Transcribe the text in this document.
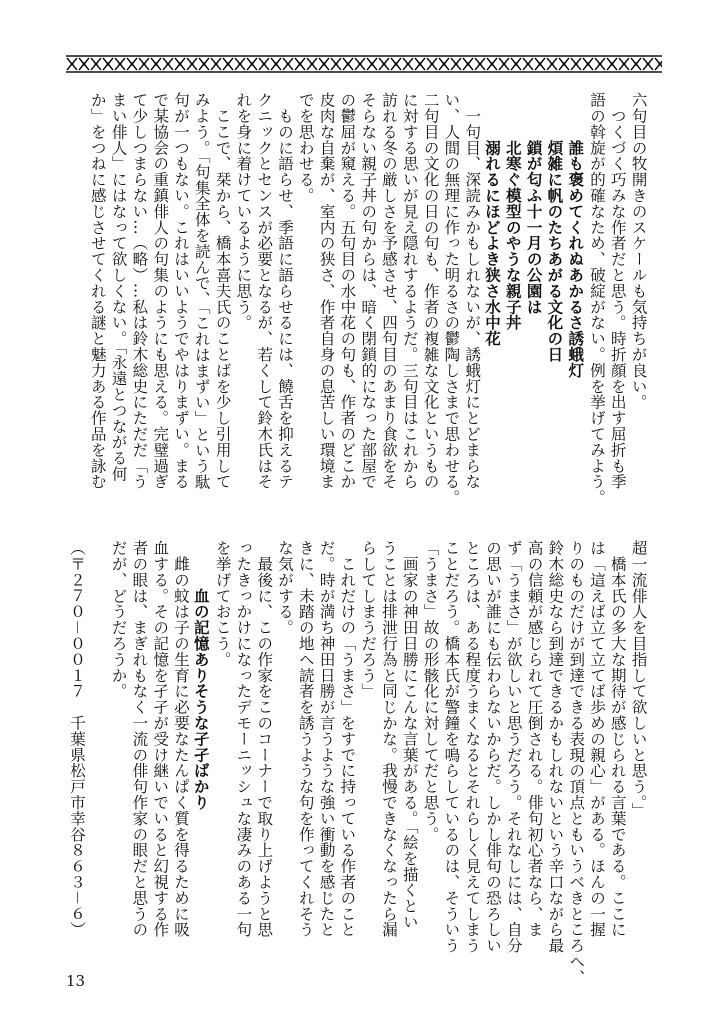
六句目の牧開きのスケールも気持ちが良い。
　つくづく巧みな作者だと思う。時折顔を出す屈折も季
語の斡旋が的確なため、破綻がない。例を挙げてみよう。
　　　誰も褒めてくれぬあかるさ誘蛾灯
　　　煩雑に帆のたちあがる文化の日
　　　鎖が匂ふ十一月の公園は
　　　北寒ぐ模型のやうな親子丼
　　　溺れるにほどよき狭さ水中花
　一句目、深読みかもしれないが、誘蛾灯にとどまらな
い、人間の無理に作った明るさの鬱陶しさまで思わせる。
二句目の文化の日の句も、作者の複雑な文化というもの
に対する思いが見え隠れするようだ。三句目はこれから
訪れる冬の厳しさを予感させ、四句目のあまり食欲をそ
そらない親子丼の句からは、暗く閉鎖的になった部屋で
の鬱屈が窺える。五句目の水中花の句も、作者のどこか
皮肉な自棄が、室内の狭さ、作者自身の息苦しい環境ま
でを思わせる。
　ものに語らせ、季語に語らせるには、饒舌を抑えるテ
クニックとセンスが必要となるが、若くして鈴木氏はそ
れを身に着けているように思う。
　ここで、栞から、橋本喜夫氏のことばを少し引用して
みよう。「句集全体を読んで、「これはまずい」という駄
句が一つもない。これはいいようでやはりまずい。まる
で某協会の重鎮俳人の句集のようにも思える。完璧過ぎ
て少しつまらない…（略）…私は鈴木総史にただだ「う
まい俳人」にはなって欲しくない。「永遠とつながる何
か」をつねに感じさせてくれる謎と魅力ある作品を詠む
超一流俳人を目指して欲しいと思う。」
　橋本氏の多大な期待が感じられる言葉である。ここに
は「這えば立て立てば歩めの親心」がある。ほんの一握
りのものだけが到達できる表現の頂点ともいうべきところへ、
鈴木総史なら到達できるかもしれないという辛口ながら最
高の信頼が感じられて圧倒される。俳句初心者なら、ま
ず「うまさ」が欲しいと思うだろう。それなしには、自分
の思いが誰にも伝わらないからだ。しかし俳句の恐ろしい
ところは、ある程度うまくなるとそれらしく見えてしまう
ことだろう。橋本氏が警鐘を鳴らしているのは、そういう
「うまさ」故の形骸化に対してだと思う。
　画家の神田日勝にこんな言葉がある。「絵を描くとい
うことは排泄行為と同じかな。我慢できなくなったら漏
らしてしまうだろう」
　これだけの「うまさ」をすでに持っている作者のこと
だ。時が満ち神田日勝が言うような強い衝動を感じたと
きに、未踏の地へ読者を誘うような句を作ってくれそう
な気がする。
　最後に、この作家をこのコーナーで取り上げようと思
ったきっかけになったデモーニッシュな凄みのある一句
を挙げておこう。
　　　血の記憶ありそうな孑孑ばかり
　雌の蚊は子の生育に必要なたんぱく質を得るために吸
血する。その記憶を孑孑が受け継いでいると幻視する作
者の眼は、まぎれもなく一流の俳句作家の眼だと思うの
だが、どうだろうか。
（〒２７０－００１７　千葉県松戸市幸谷８６３－６）
13
